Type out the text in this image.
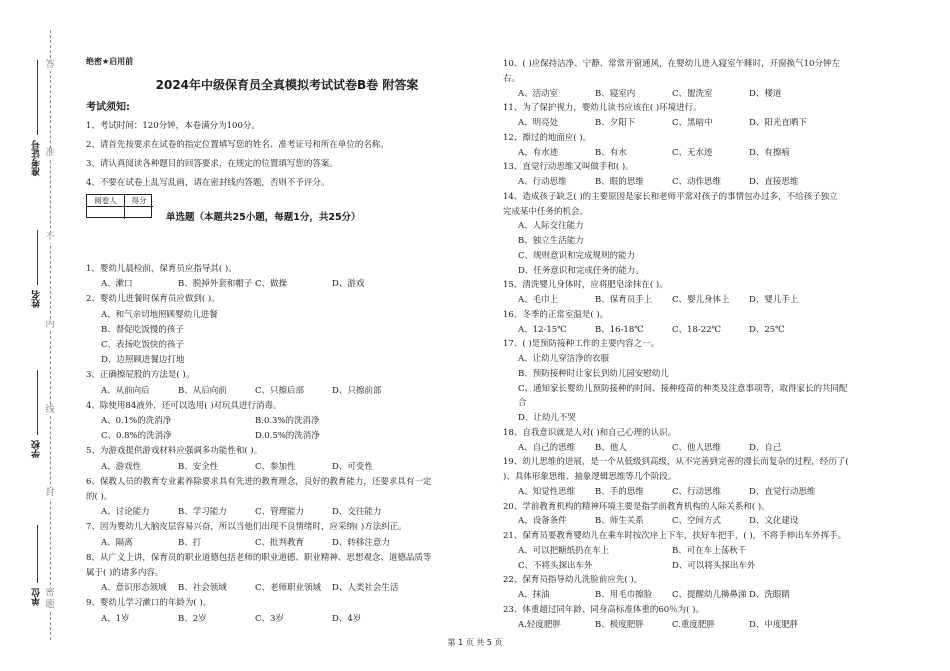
准考证号
姓名
学校
单位 密
封
线
内
不
准
答
题
绝密★启用前
2024年中级保育员全真模拟考试试卷B卷 附答案
考试须知:
1、考试时间：120分钟，本卷满分为100分。
2、请首先按要求在试卷的指定位置填写您的姓名、准考证号和所在单位的名称。
3、请认真阅读各种题目的回答要求，在规定的位置填写您的答案。
4、不要在试卷上乱写乱画，请在密封线内答题，否则不予评分。
阅卷人	得分
单选题（本题共25小题，每题1分，共25分）
1、婴幼儿晨检前，保育员应指导其( )。
A、漱口	B、脱掉外套和帽子 C、做操	D、游戏
2、婴幼儿进餐时保育员应做到( )。
A、和气亲切地照顾婴幼儿进餐
B、督促吃饭慢的孩子
C、表扬吃饭快的孩子
D、边照顾进餐边打地
3、正确擦屁股的方法是( )。
A、从前向后	B、从后向前	C、只擦后部	D、只擦前部
4、除使用84液外，还可以选用( )对玩具进行消毒。
A、0.1%的洗消净	B.0.3%的洗消净
C、0.8%的洗消净	D.0.5%的洗消净
5、为游戏提供游戏材料应强调多功能性和( )。
A、游戏性	B、安全性	C、参加性	D、可变性
6、保教人员的教育专业素养除要求具有先进的教育理念，良好的教育能力，还要求具有一定
的( )。
A、讨论能力	B、学习能力	C、管理能力	D、交往能力
7、因为婴幼儿大脑皮层容易兴奋，所以当他们出现不良情绪时，应采纳( )方法纠正。
A、隔离	B、打	C、批判教育	D、转移注意力
8、从广义上讲，保育员的职业道德包括老师的职业道德、职业精神、思想观念、道德品质等
属于( )的诸多内容。
A、意识形态领域 B、社会领域	C、老师职业领域 D、人类社会生活
9、婴幼儿学习漱口的年龄为( )。
A、1岁	B、2岁	C、3岁	D、4岁
10、( )应保持洁净、宁静、常常开窗通风，在婴幼儿进入寝室午睡时，开窗换气10分钟左
右。
A、活动室	B、寝室内	C、盥洗室	D、楼道
11、为了保护视力，婴幼儿读书应该在( )环境进行。
A、明亮处	B、夕阳下	C、黑暗中	D、阳光直晒下
12、擦过的地面应( )。
A、有水迹	B、有水	C、无水迹	D、有擦痕
13、直觉行动思维又叫做手和( )。
A、行动思维	B、眼的思维	C、动作思维	D、直接思维
14、造成孩子缺乏( )的主要原因是家长和老师平常对孩子的事情包办过多，不给孩子独立
完成某中任务的机会。
A、人际交往能力
B、独立生活能力
C、规则意识和完成规则的能力
D、任务意识和完成任务的能力。
15、清洗婴儿身体时，应将肥皂涂抹在( )。
A、毛巾上	B、保育员手上 C、婴儿身体上 D、婴儿手上
16、冬季的正常室温是( )。
A、12-15℃	B、16-18℃	C、18-22℃	D、25℃
17、( )是预防接种工作的主要内容之一。
A、让幼儿穿洁净的衣服
B、预防接种时让家长到幼儿园安慰幼儿
C、通知家长婴幼儿预防接种的时间、接种疫苗的种类及注意事项等，取得家长的共同配
合
D、让幼儿不哭
18、自我意识就是人对( )和自己心理的认识。
A、自己的思维 B、他人	C、他人思维	D、自己
19、幼儿思维的进展，是一个从低级到高级，从不完善到完善的漫长而复杂的过程，经历了(
)、具体形象思维、抽象逻辑思维等几个阶段。
A、知觉性思维 B、手的思维	C、行动思维	D、直觉行动思维
20、学前教育机构的精神环境主要是指学前教育机构的人际关系和( )。
A、设备条件	B、师生关系	C、空间方式	D、文化建设
21、保育员要教育婴幼儿在乘车时按次序上下车，扶好车把手，( )，不将手伸出车外挥手。
A、可以把糖纸扔在车上	B、可在车上荡秋千
C、不将头探出车外	D、可以将头探出车外
22、保育员指导幼儿洗脸前应先( )。
A、抹油	B、用毛巾擦脸 C、提醒幼儿擤鼻涕 D、洗眼睛
23、体重超过同年龄、同身高标准体重的60％为( )。
A.轻度肥胖	B、极度肥胖	C.重度肥胖	D、中度肥胖
第 1 页 共 5 页
